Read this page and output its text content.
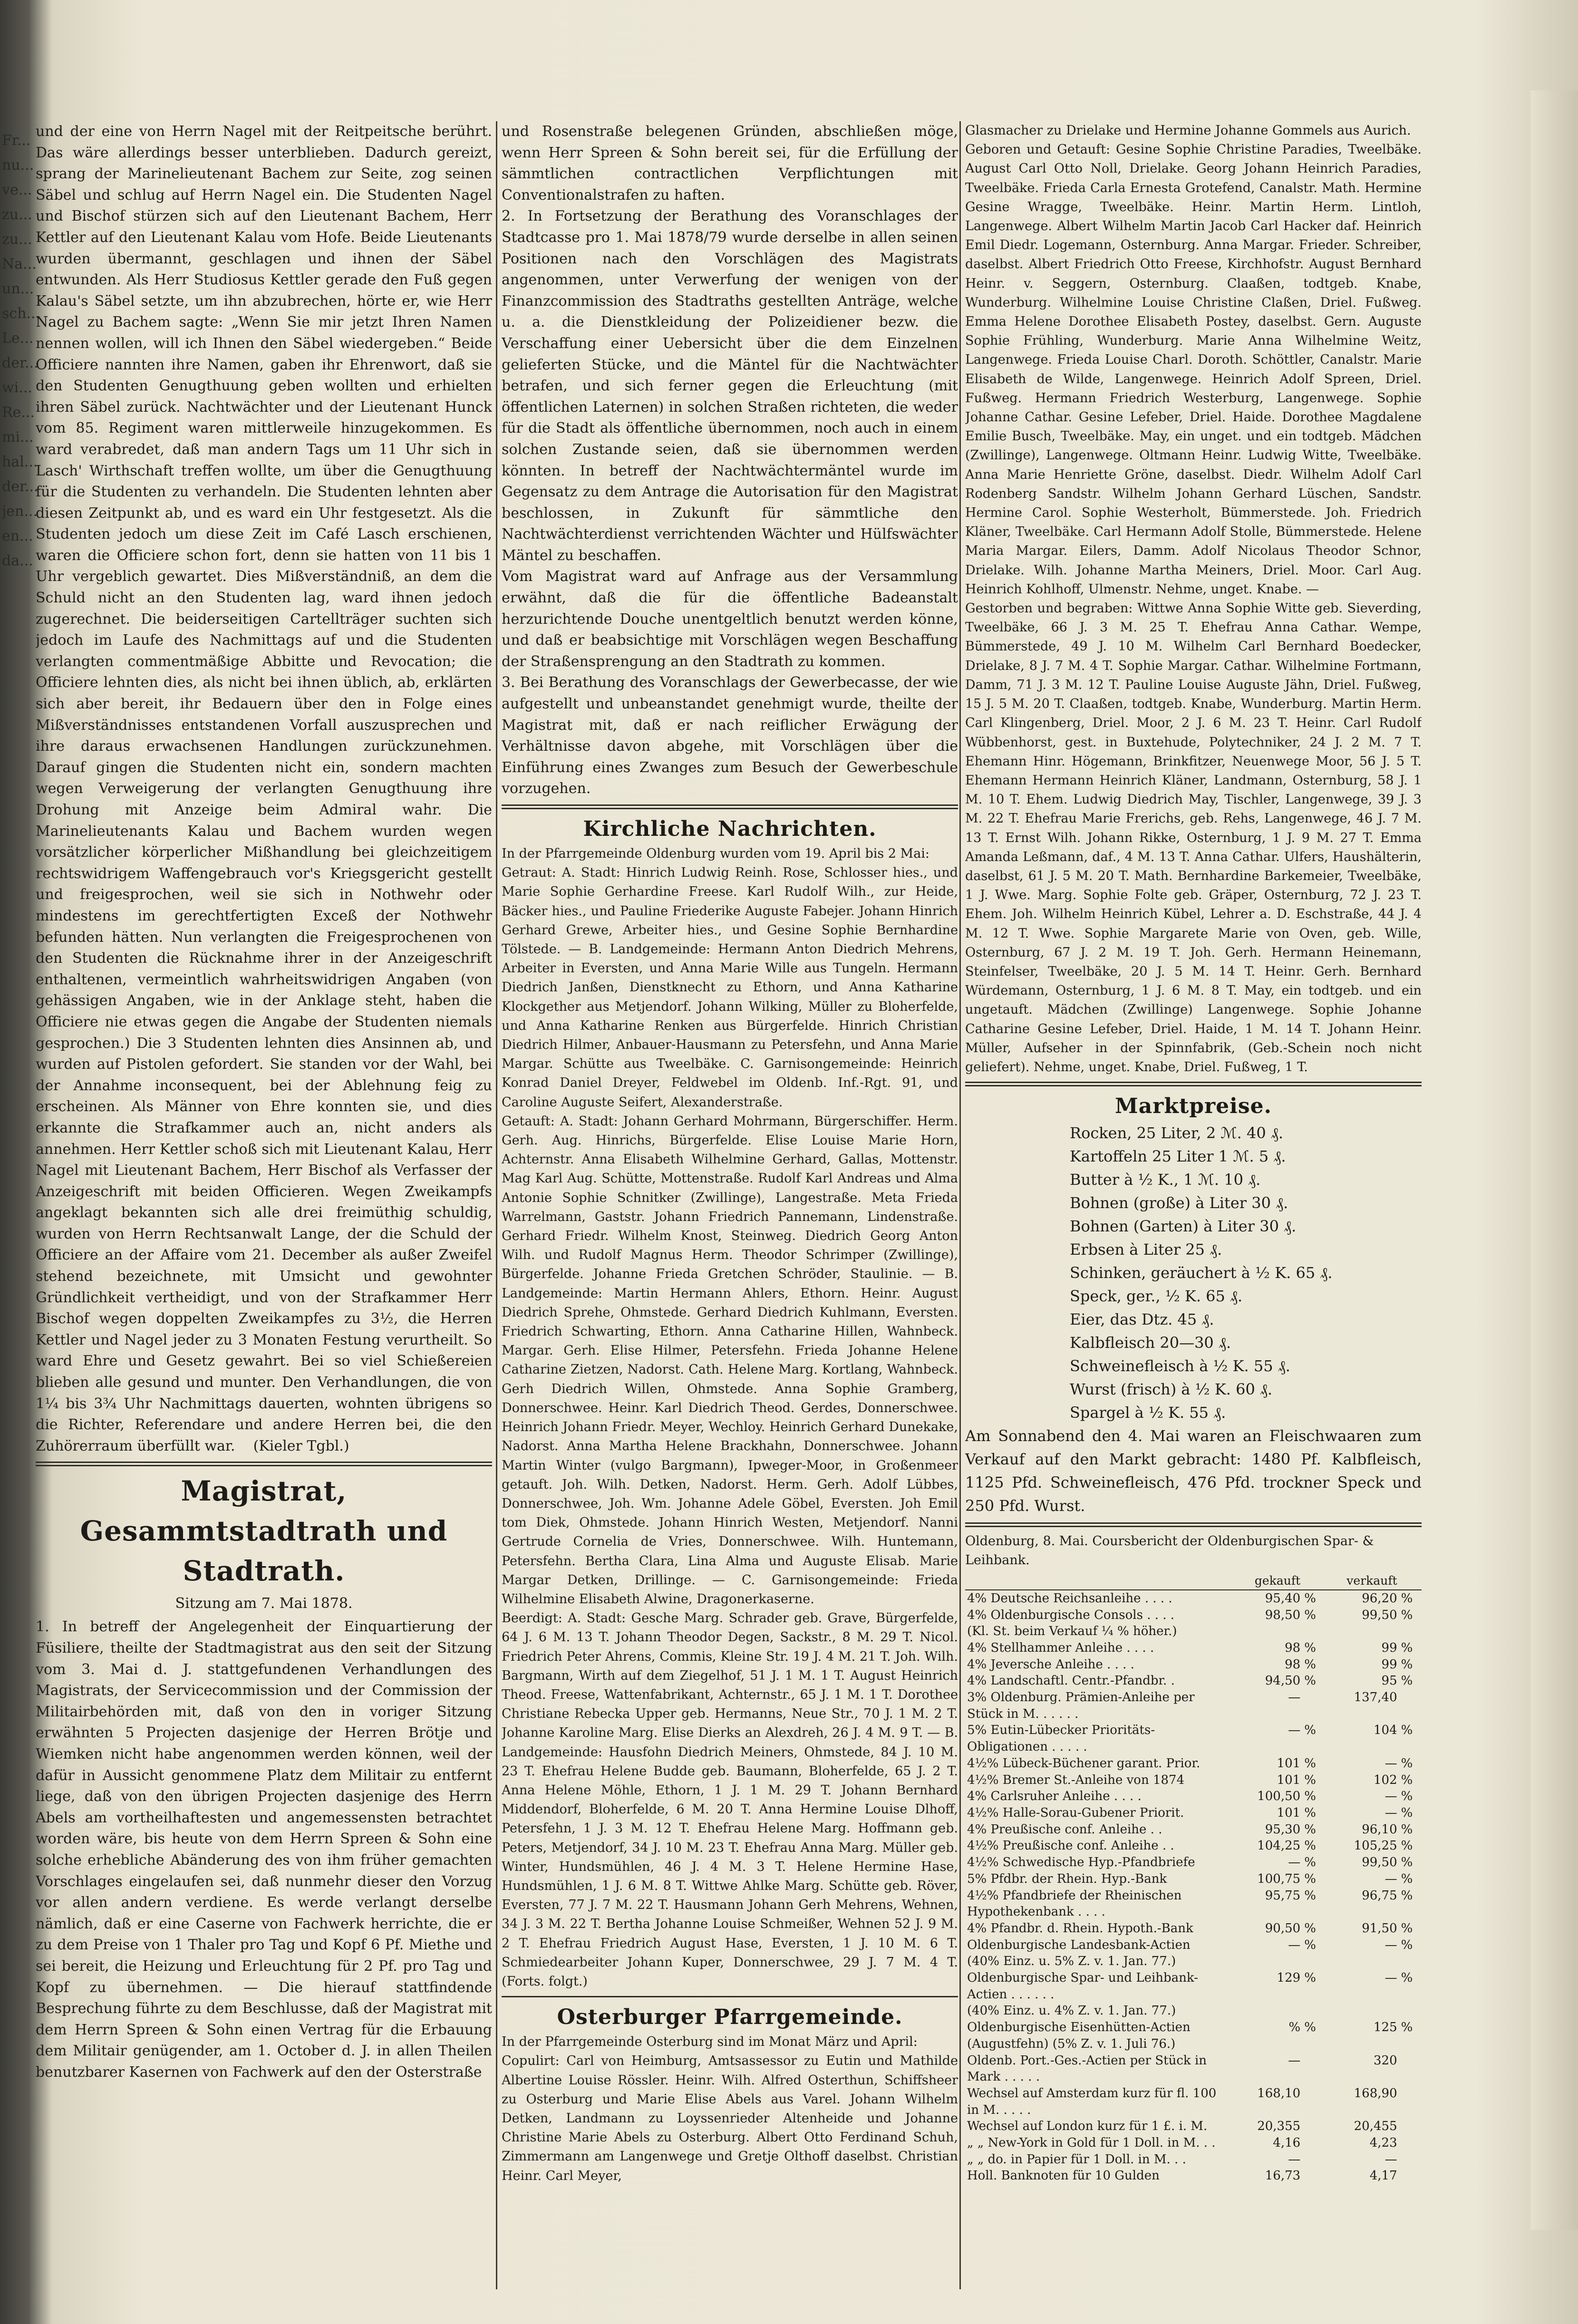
Fr...
nu...
ve...
zu...
zu...
Na...
un...
sch...
Le...
der...
wi...
Re...
mi...
hal...
der...
jen...
en...
da...

und der eine von Herrn Nagel mit der Reitpeitsche berührt. Das wäre allerdings besser unterblieben. Dadurch gereizt, sprang der Marinelieutenant Bachem zur Seite, zog seinen Säbel und schlug auf Herrn Nagel ein. Die Studenten Nagel und Bischof stürzen sich auf den Lieutenant Bachem, Herr Kettler auf den Lieutenant Kalau vom Hofe. Beide Lieutenants wurden übermannt, geschlagen und ihnen der Säbel entwunden. Als Herr Studiosus Kettler gerade den Fuß gegen Kalau's Säbel setzte, um ihn abzubrechen, hörte er, wie Herr Nagel zu Bachem sagte: „Wenn Sie mir jetzt Ihren Namen nennen wollen, will ich Ihnen den Säbel wiedergeben.“ Beide Officiere nannten ihre Namen, gaben ihr Ehrenwort, daß sie den Studenten Genugthuung geben wollten und erhielten ihren Säbel zurück. Nachtwächter und der Lieutenant Hunck vom 85. Regiment waren mittlerweile hinzugekommen. Es ward verabredet, daß man andern Tags um 11 Uhr sich in Lasch' Wirthschaft treffen wollte, um über die Genugthuung für die Studenten zu verhandeln. Die Studenten lehnten aber diesen Zeitpunkt ab, und es ward ein Uhr festgesetzt. Als die Studenten jedoch um diese Zeit im Café Lasch erschienen, waren die Officiere schon fort, denn sie hatten von 11 bis 1 Uhr vergeblich gewartet. Dies Mißverständniß, an dem die Schuld nicht an den Studenten lag, ward ihnen jedoch zugerechnet. Die beiderseitigen Cartellträger suchten sich jedoch im Laufe des Nachmittags auf und die Studenten verlangten commentmäßige Abbitte und Revocation; die Officiere lehnten dies, als nicht bei ihnen üblich, ab, erklärten sich aber bereit, ihr Bedauern über den in Folge eines Mißverständnisses entstandenen Vorfall auszusprechen und ihre daraus erwachsenen Handlungen zurückzunehmen. Darauf gingen die Studenten nicht ein, sondern machten wegen Verweigerung der verlangten Genugthuung ihre Drohung mit Anzeige beim Admiral wahr. Die Marinelieutenants Kalau und Bachem wurden wegen vorsätzlicher körperlicher Mißhandlung bei gleichzeitigem rechtswidrigem Waffengebrauch vor's Kriegsgericht gestellt und freigesprochen, weil sie sich in Nothwehr oder mindestens im gerechtfertigten Exceß der Nothwehr befunden hätten. Nun verlangten die Freigesprochenen von den Studenten die Rücknahme ihrer in der Anzeigeschrift enthaltenen, vermeintlich wahrheitswidrigen Angaben (von gehässigen Angaben, wie in der Anklage steht, haben die Officiere nie etwas gegen die Angabe der Studenten niemals gesprochen.) Die 3 Studenten lehnten dies Ansinnen ab, und wurden auf Pistolen gefordert. Sie standen vor der Wahl, bei der Annahme inconsequent, bei der Ablehnung feig zu erscheinen. Als Männer von Ehre konnten sie, und dies erkannte die Strafkammer auch an, nicht anders als annehmen. Herr Kettler schoß sich mit Lieutenant Kalau, Herr Nagel mit Lieutenant Bachem, Herr Bischof als Verfasser der Anzeigeschrift mit beiden Officieren. Wegen Zweikampfs angeklagt bekannten sich alle drei freimüthig schuldig, wurden von Herrn Rechtsanwalt Lange, der die Schuld der Officiere an der Affaire vom 21. December als außer Zweifel stehend bezeichnete, mit Umsicht und gewohnter Gründlichkeit vertheidigt, und von der Strafkammer Herr Bischof wegen doppelten Zweikampfes zu 3½, die Herren Kettler und Nagel jeder zu 3 Monaten Festung verurtheilt. So ward Ehre und Gesetz gewahrt. Bei so viel Schießereien blieben alle gesund und munter. Den Verhandlungen, die von 1¼ bis 3¾ Uhr Nachmittags dauerten, wohnten übrigens so die Richter, Referendare und andere Herren bei, die den Zuhörerraum überfüllt war.    (Kieler Tgbl.)

Magistrat, Gesammtstadtrath und Stadtrath.

Sitzung am 7. Mai 1878.

1. In betreff der Angelegenheit der Einquartierung der Füsiliere, theilte der Stadtmagistrat aus den seit der Sitzung vom 3. Mai d. J. stattgefundenen Verhandlungen des Magistrats, der Servicecommission und der Commission der Militairbehörden mit, daß von den in voriger Sitzung erwähnten 5 Projecten dasjenige der Herren Brötje und Wiemken nicht habe angenommen werden können, weil der dafür in Aussicht genommene Platz dem Militair zu entfernt liege, daß von den übrigen Projecten dasjenige des Herrn Abels am vortheilhaftesten und angemessensten betrachtet worden wäre, bis heute von dem Herrn Spreen & Sohn eine solche erhebliche Abänderung des von ihm früher gemachten Vorschlages eingelaufen sei, daß nunmehr dieser den Vorzug vor allen andern verdiene. Es werde verlangt derselbe nämlich, daß er eine Caserne von Fachwerk herrichte, die er zu dem Preise von 1 Thaler pro Tag und Kopf 6 Pf. Miethe und sei bereit, die Heizung und Erleuchtung für 2 Pf. pro Tag und Kopf zu übernehmen. — Die hierauf stattfindende Besprechung führte zu dem Beschlusse, daß der Magistrat mit dem Herrn Spreen & Sohn einen Vertrag für die Erbauung dem Militair genügender, am 1. October d. J. in allen Theilen benutzbarer Kasernen von Fachwerk auf den der Osterstraße

und Rosenstraße belegenen Gründen, abschließen möge, wenn Herr Spreen & Sohn bereit sei, für die Erfüllung der sämmtlichen contractlichen Verpflichtungen mit Conventionalstrafen zu haften.

2. In Fortsetzung der Berathung des Voranschlages der Stadtcasse pro 1. Mai 1878/79 wurde derselbe in allen seinen Positionen nach den Vorschlägen des Magistrats angenommen, unter Verwerfung der wenigen von der Finanzcommission des Stadtraths gestellten Anträge, welche u. a. die Dienstkleidung der Polizeidiener bezw. die Verschaffung einer Uebersicht über die dem Einzelnen gelieferten Stücke, und die Mäntel für die Nachtwächter betrafen, und sich ferner gegen die Erleuchtung (mit öffentlichen Laternen) in solchen Straßen richteten, die weder für die Stadt als öffentliche übernommen, noch auch in einem solchen Zustande seien, daß sie übernommen werden könnten. In betreff der Nachtwächtermäntel wurde im Gegensatz zu dem Antrage die Autorisation für den Magistrat beschlossen, in Zukunft für sämmtliche den Nachtwächterdienst verrichtenden Wächter und Hülfswächter Mäntel zu beschaffen.

Vom Magistrat ward auf Anfrage aus der Versammlung erwähnt, daß die für die öffentliche Badeanstalt herzurichtende Douche unentgeltlich benutzt werden könne, und daß er beabsichtige mit Vorschlägen wegen Beschaffung der Straßensprengung an den Stadtrath zu kommen.

3. Bei Berathung des Voranschlags der Gewerbecasse, der wie aufgestellt und unbeanstandet genehmigt wurde, theilte der Magistrat mit, daß er nach reiflicher Erwägung der Verhältnisse davon abgehe, mit Vorschlägen über die Einführung eines Zwanges zum Besuch der Gewerbeschule vorzugehen.

Kirchliche Nachrichten.

In der Pfarrgemeinde Oldenburg wurden vom 19. April bis 2 Mai:

Getraut: A. Stadt: Hinrich Ludwig Reinh. Rose, Schlosser hies., und Marie Sophie Gerhardine Freese. Karl Rudolf Wilh., zur Heide, Bäcker hies., und Pauline Friederike Auguste Fabejer. Johann Hinrich Gerhard Grewe, Arbeiter hies., und Gesine Sophie Bernhardine Tölstede. — B. Landgemeinde: Hermann Anton Diedrich Mehrens, Arbeiter in Eversten, und Anna Marie Wille aus Tungeln. Hermann Diedrich Janßen, Dienstknecht zu Ethorn, und Anna Katharine Klockgether aus Metjendorf. Johann Wilking, Müller zu Bloherfelde, und Anna Katharine Renken aus Bürgerfelde. Hinrich Christian Diedrich Hilmer, Anbauer-Hausmann zu Petersfehn, und Anna Marie Margar. Schütte aus Tweelbäke. C. Garnisongemeinde: Heinrich Konrad Daniel Dreyer, Feldwebel im Oldenb. Inf.-Rgt. 91, und Caroline Auguste Seifert, Alexanderstraße.
Getauft: A. Stadt: Johann Gerhard Mohrmann, Bürgerschiffer. Herm. Gerh. Aug. Hinrichs, Bürgerfelde. Elise Louise Marie Horn, Achternstr. Anna Elisabeth Wilhelmine Gerhard, Gallas, Mottenstr. Mag Karl Aug. Schütte, Mottenstraße. Rudolf Karl Andreas und Alma Antonie Sophie Schnitker (Zwillinge), Langestraße. Meta Frieda Warrelmann, Gaststr. Johann Friedrich Pannemann, Lindenstraße. Gerhard Friedr. Wilhelm Knost, Steinweg. Diedrich Georg Anton Wilh. und Rudolf Magnus Herm. Theodor Schrimper (Zwillinge), Bürgerfelde. Johanne Frieda Gretchen Schröder, Staulinie. — B. Landgemeinde: Martin Hermann Ahlers, Ethorn. Heinr. August Diedrich Sprehe, Ohmstede. Gerhard Diedrich Kuhlmann, Eversten. Friedrich Schwarting, Ethorn. Anna Catharine Hillen, Wahnbeck. Margar. Gerh. Elise Hilmer, Petersfehn. Frieda Johanne Helene Catharine Zietzen, Nadorst. Cath. Helene Marg. Kortlang, Wahnbeck. Gerh Diedrich Willen, Ohmstede. Anna Sophie Gramberg, Donnerschwee. Heinr. Karl Diedrich Theod. Gerdes, Donnerschwee. Heinrich Johann Friedr. Meyer, Wechloy. Heinrich Gerhard Dunekake, Nadorst. Anna Martha Helene Brackhahn, Donnerschwee. Johann Martin Winter (vulgo Bargmann), Ipweger-Moor, in Großenmeer getauft. Joh. Wilh. Detken, Nadorst. Herm. Gerh. Adolf Lübbes, Donnerschwee, Joh. Wm. Johanne Adele Göbel, Eversten. Joh Emil tom Diek, Ohmstede. Johann Hinrich Westen, Metjendorf. Nanni Gertrude Cornelia de Vries, Donnerschwee. Wilh. Huntemann, Petersfehn. Bertha Clara, Lina Alma und Auguste Elisab. Marie Margar Detken, Drillinge. — C. Garnisongemeinde: Frieda Wilhelmine Elisabeth Alwine, Dragonerkaserne.
Beerdigt: A. Stadt: Gesche Marg. Schrader geb. Grave, Bürgerfelde, 64 J. 6 M. 13 T. Johann Theodor Degen, Sackstr., 8 M. 29 T. Nicol. Friedrich Peter Ahrens, Commis, Kleine Str. 19 J. 4 M. 21 T. Joh. Wilh. Bargmann, Wirth auf dem Ziegelhof, 51 J. 1 M. 1 T. August Heinrich Theod. Freese, Wattenfabrikant, Achternstr., 65 J. 1 M. 1 T. Dorothee Christiane Rebecka Upper geb. Hermanns, Neue Str., 70 J. 1 M. 2 T. Johanne Karoline Marg. Elise Dierks an Alexdreh, 26 J. 4 M. 9 T. — B. Landgemeinde: Hausfohn Diedrich Meiners, Ohmstede, 84 J. 10 M. 23 T. Ehefrau Helene Budde geb. Baumann, Bloherfelde, 65 J. 2 T. Anna Helene Möhle, Ethorn, 1 J. 1 M. 29 T. Johann Bernhard Middendorf, Bloherfelde, 6 M. 20 T. Anna Hermine Louise Dlhoff, Petersfehn, 1 J. 3 M. 12 T. Ehefrau Helene Marg. Hoffmann geb. Peters, Metjendorf, 34 J. 10 M. 23 T. Ehefrau Anna Marg. Müller geb. Winter, Hundsmühlen, 46 J. 4 M. 3 T. Helene Hermine Hase, Hundsmühlen, 1 J. 6 M. 8 T. Wittwe Ahlke Marg. Schütte geb. Röver, Eversten, 77 J. 7 M. 22 T. Hausmann Johann Gerh Mehrens, Wehnen, 34 J. 3 M. 22 T. Bertha Johanne Louise Schmeißer, Wehnen 52 J. 9 M. 2 T. Ehefrau Friedrich August Hase, Eversten, 1 J. 10 M. 6 T. Schmiedearbeiter Johann Kuper, Donnerschwee, 29 J. 7 M. 4 T.    (Forts. folgt.)

Osterburger Pfarrgemeinde.

In der Pfarrgemeinde Osterburg sind im Monat März und April:

Copulirt: Carl von Heimburg, Amtsassessor zu Eutin und Mathilde Albertine Louise Rössler. Heinr. Wilh. Alfred Osterthun, Schiffsheer zu Osterburg und Marie Elise Abels aus Varel. Johann Wilhelm Detken, Landmann zu Loyssenrieder Altenheide und Johanne Christine Marie Abels zu Osterburg. Albert Otto Ferdinand Schuh, Zimmermann am Langenwege und Gretje Olthoff daselbst. Christian Heinr. Carl Meyer,

Glasmacher zu Drielake und Hermine Johanne Gommels aus Aurich.
Geboren und Getauft: Gesine Sophie Christine Paradies, Tweelbäke. August Carl Otto Noll, Drielake. Georg Johann Heinrich Paradies, Tweelbäke. Frieda Carla Ernesta Grotefend, Canalstr. Math. Hermine Gesine Wragge, Tweelbäke. Heinr. Martin Herm. Lintloh, Langenwege. Albert Wilhelm Martin Jacob Carl Hacker daf. Heinrich Emil Diedr. Logemann, Osternburg. Anna Margar. Frieder. Schreiber, daselbst. Albert Friedrich Otto Freese, Kirchhofstr. August Bernhard Heinr. v. Seggern, Osternburg. Claaßen, todtgeb. Knabe, Wunderburg. Wilhelmine Louise Christine Claßen, Driel. Fußweg. Emma Helene Dorothee Elisabeth Postey, daselbst. Gern. Auguste Sophie Frühling, Wunderburg. Marie Anna Wilhelmine Weitz, Langenwege. Frieda Louise Charl. Doroth. Schöttler, Canalstr. Marie Elisabeth de Wilde, Langenwege. Heinrich Adolf Spreen, Driel. Fußweg. Hermann Friedrich Westerburg, Langenwege. Sophie Johanne Cathar. Gesine Lefeber, Driel. Haide. Dorothee Magdalene Emilie Busch, Tweelbäke. May, ein unget. und ein todtgeb. Mädchen (Zwillinge), Langenwege. Oltmann Heinr. Ludwig Witte, Tweelbäke. Anna Marie Henriette Gröne, daselbst. Diedr. Wilhelm Adolf Carl Rodenberg Sandstr. Wilhelm Johann Gerhard Lüschen, Sandstr. Hermine Carol. Sophie Westerholt, Bümmerstede. Joh. Friedrich Kläner, Tweelbäke. Carl Hermann Adolf Stolle, Bümmerstede. Helene Maria Margar. Eilers, Damm. Adolf Nicolaus Theodor Schnor, Drielake. Wilh. Johanne Martha Meiners, Driel. Moor. Carl Aug. Heinrich Kohlhoff, Ulmenstr. Nehme, unget. Knabe. —
Gestorben und begraben: Wittwe Anna Sophie Witte geb. Sieverding, Tweelbäke, 66 J. 3 M. 25 T. Ehefrau Anna Cathar. Wempe, Bümmerstede, 49 J. 10 M. Wilhelm Carl Bernhard Boedecker, Drielake, 8 J. 7 M. 4 T. Sophie Margar. Cathar. Wilhelmine Fortmann, Damm, 71 J. 3 M. 12 T. Pauline Louise Auguste Jähn, Driel. Fußweg, 15 J. 5 M. 20 T. Claaßen, todtgeb. Knabe, Wunderburg. Martin Herm. Carl Klingenberg, Driel. Moor, 2 J. 6 M. 23 T. Heinr. Carl Rudolf Wübbenhorst, gest. in Buxtehude, Polytechniker, 24 J. 2 M. 7 T. Ehemann Hinr. Högemann, Brinkfitzer, Neuenwege Moor, 56 J. 5 T. Ehemann Hermann Heinrich Kläner, Landmann, Osternburg, 58 J. 1 M. 10 T. Ehem. Ludwig Diedrich May, Tischler, Langenwege, 39 J. 3 M. 22 T. Ehefrau Marie Frerichs, geb. Rehs, Langenwege, 46 J. 7 M. 13 T. Ernst Wilh. Johann Rikke, Osternburg, 1 J. 9 M. 27 T. Emma Amanda Leßmann, daf., 4 M. 13 T. Anna Cathar. Ulfers, Haushälterin, daselbst, 61 J. 5 M. 20 T. Math. Bernhardine Barkemeier, Tweelbäke, 1 J. Wwe. Marg. Sophie Folte geb. Gräper, Osternburg, 72 J. 23 T. Ehem. Joh. Wilhelm Heinrich Kübel, Lehrer a. D. Eschstraße, 44 J. 4 M. 12 T. Wwe. Sophie Margarete Marie von Oven, geb. Wille, Osternburg, 67 J. 2 M. 19 T. Joh. Gerh. Hermann Heinemann, Steinfelser, Tweelbäke, 20 J. 5 M. 14 T. Heinr. Gerh. Bernhard Würdemann, Osternburg, 1 J. 6 M. 8 T. May, ein todtgeb. und ein ungetauft. Mädchen (Zwillinge) Langenwege. Sophie Johanne Catharine Gesine Lefeber, Driel. Haide, 1 M. 14 T. Johann Heinr. Müller, Aufseher in der Spinnfabrik, (Geb.-Schein noch nicht geliefert). Nehme, unget. Knabe, Driel. Fußweg, 1 T.

Marktpreise.

Rocken, 25 Liter, 2 ℳ. 40 ₰.

Kartoffeln 25 Liter 1 ℳ. 5 ₰.

Butter à ½ K., 1 ℳ. 10 ₰.

Bohnen (große) à Liter 30 ₰.

Bohnen (Garten) à Liter 30 ₰.

Erbsen à Liter 25 ₰.

Schinken, geräuchert à ½ K. 65 ₰.

Speck, ger., ½ K. 65 ₰.

Eier, das Dtz. 45 ₰.

Kalbfleisch 20—30 ₰.

Schweinefleisch à ½ K. 55 ₰.

Wurst (frisch) à ½ K. 60 ₰.

Spargel à ½ K. 55 ₰.

Am Sonnabend den 4. Mai waren an Fleischwaaren zum Verkauf auf den Markt gebracht: 1480 Pf. Kalbfleisch, 1125 Pfd. Schweinefleisch, 476 Pfd. trockner Speck und 250 Pfd. Wurst.

Oldenburg, 8. Mai. Coursbericht der Oldenburgischen Spar- & Leihbank.

	gekauft		verkauft	
4% Deutsche Reichsanleihe . . . .	95,40	%	96,20	%
4% Oldenburgische Consols . . . .	98,50	%	99,50	%
(Kl. St. beim Verkauf ¼ % höher.)				
4% Stellhammer Anleihe . . . .	98	%	99	%
4% Jeversche Anleihe . . . .	98	%	99	%
4% Landschaftl. Centr.-Pfandbr. .	94,50	%	95	%
3% Oldenburg. Prämien-Anleihe per Stück in M. . . . . .	—		137,40	
5% Eutin-Lübecker Prioritäts-Obligationen . . . . .	—	%	104	%
4½% Lübeck-Büchener garant. Prior.	101	%	—	%
4½% Bremer St.-Anleihe von 1874	101	%	102	%
4% Carlsruher Anleihe . . . .	100,50	%	—	%
4½% Halle-Sorau-Gubener Priorit.	101	%	—	%
4% Preußische conf. Anleihe . .	95,30	%	96,10	%
4½% Preußische conf. Anleihe . .	104,25	%	105,25	%
4½% Schwedische Hyp.-Pfandbriefe	—	%	99,50	%
5% Pfdbr. der Rhein. Hyp.-Bank	100,75	%	—	%
4½% Pfandbriefe der Rheinischen Hypothekenbank . . . .	95,75	%	96,75	%
4% Pfandbr. d. Rhein. Hypoth.-Bank	90,50	%	91,50	%
Oldenburgische Landesbank-Actien (40% Einz. u. 5% Z. v. 1. Jan. 77.)	—	%	—	%
Oldenburgische Spar- und Leihbank-Actien . . . . . .	129	%	—	%
(40% Einz. u. 4% Z. v. 1. Jan. 77.)				
Oldenburgische Eisenhütten-Actien (Augustfehn) (5% Z. v. 1. Juli 76.)	%	%	125	%
Oldenb. Port.-Ges.-Actien per Stück in Mark . . . . .	—		320	
Wechsel auf Amsterdam kurz für fl. 100 in M. . . . .	168,10		168,90	
Wechsel auf London kurz für 1 £. i. M.	20,355		20,455	
„ „ New-York in Gold für 1 Doll. in M. . .	4,16		4,23	
„ „ do. in Papier für 1 Doll. in M. . .	—		—	
Holl. Banknoten für 10 Gulden	16,73		4,17	
